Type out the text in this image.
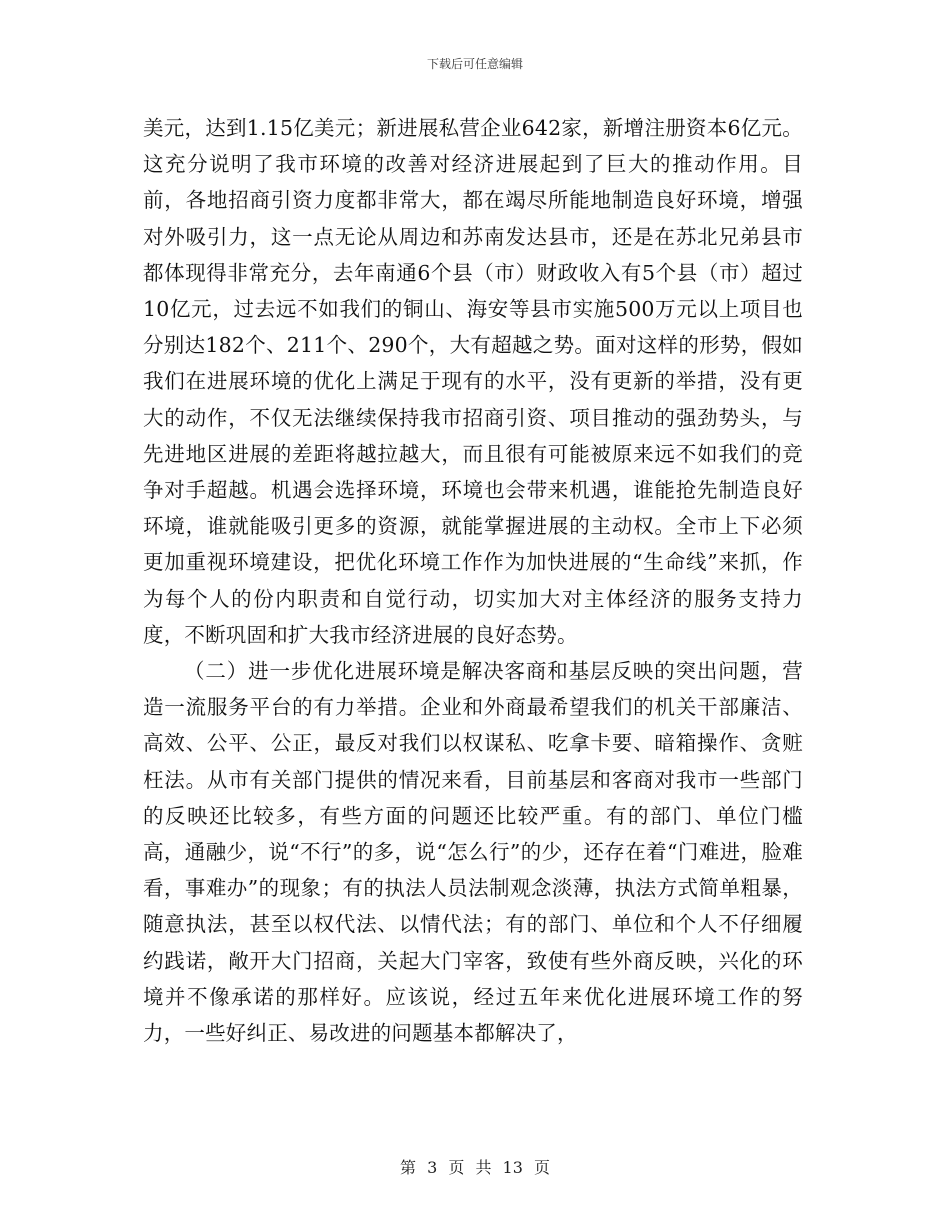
下载后可任意编辑

美元，达到1.15亿美元；新进展私营企业642家，新增注册资本6亿元。这充分说明了我市环境的改善对经济进展起到了巨大的推动作用。目前，各地招商引资力度都非常大，都在竭尽所能地制造良好环境，增强对外吸引力，这一点无论从周边和苏南发达县市，还是在苏北兄弟县市都体现得非常充分，去年南通6个县（市）财政收入有5个县（市）超过10亿元，过去远不如我们的铜山、海安等县市实施500万元以上项目也分别达182个、211个、290个，大有超越之势。面对这样的形势，假如我们在进展环境的优化上满足于现有的水平，没有更新的举措，没有更大的动作，不仅无法继续保持我市招商引资、项目推动的强劲势头，与先进地区进展的差距将越拉越大，而且很有可能被原来远不如我们的竞争对手超越。机遇会选择环境，环境也会带来机遇，谁能抢先制造良好环境，谁就能吸引更多的资源，就能掌握进展的主动权。全市上下必须更加重视环境建设，把优化环境工作作为加快进展的“生命线”来抓，作为每个人的份内职责和自觉行动，切实加大对主体经济的服务支持力度，不断巩固和扩大我市经济进展的良好态势。

（二）进一步优化进展环境是解决客商和基层反映的突出问题，营造一流服务平台的有力举措。企业和外商最希望我们的机关干部廉洁、高效、公平、公正，最反对我们以权谋私、吃拿卡要、暗箱操作、贪赃枉法。从市有关部门提供的情况来看，目前基层和客商对我市一些部门的反映还比较多，有些方面的问题还比较严重。有的部门、单位门槛高，通融少，说“不行”的多，说“怎么行”的少，还存在着“门难进，脸难看，事难办”的现象；有的执法人员法制观念淡薄，执法方式简单粗暴，随意执法，甚至以权代法、以情代法；有的部门、单位和个人不仔细履约践诺，敞开大门招商，关起大门宰客，致使有些外商反映，兴化的环境并不像承诺的那样好。应该说，经过五年来优化进展环境工作的努力，一些好纠正、易改进的问题基本都解决了，

第 3 页 共 13 页
